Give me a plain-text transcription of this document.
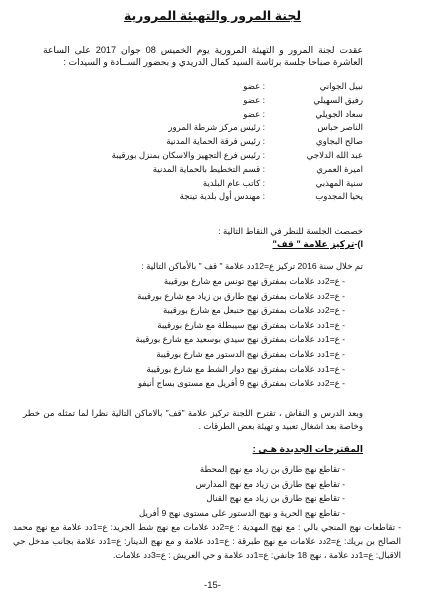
لجنة المرور والتهيئة المرورية
عقدت لجنة المرور و التهيئة المرورية يوم الخميس 08 جوان 2017 على الساعة العاشرة صباحا جلسة برئاسة السيد كمال الدريدي و بحضور الســادة و السيدات :
نبيل الجواني
: عضو
رفيق السهيلي
: عضو
سعاد الجويلي
: عضو
الناصر حباس
: رئيس مركز شرطة المرور
صالح البجاوي
: رئيس فرقة الحماية المدنية
عبد الله الدلاجي
: رئيس فرع التجهيز والاسكان بمنزل بورقيبة
اميرة العمري
: قسم التخطيط بالحماية المدنية
سنية المهذبي
: كاتب عام البلدية
يحيا المجدوب
: مهندس أول بلدية تينجة
خصصت الجلسة للنظر في النقاط التالية :
I)-تركيز علامة " قف"
تم خلال سنة 2016 تركيز ع=12دد علامة " قف " بالأماكن التالية :
- ع=2دد علامات بمفترق نهج تونس مع شارع بورقيبة
- ع=2دد علامات بمفترق نهج طارق بن زياد مع شارع بورقيبة
- ع=2دد علامات بمفترق نهج حنبعل مع شارع بورقيبة
- ع=1دد علامات بمفترق نهج سيبطلة مع شارع بورقيبة
- ع=1دد علامات بمفترق نهج سيدي بوسعيد مع شارع بورقيبة
- ع=1دد علامات بمفترق نهج الدستور مع شارع بورقيبة
- ع=1دد علامات بمفترق نهج دوار الشط مع شارع بورقيبة
- ع=2دد علامات بمفترق نهج 9 أفريل مع مستوى بساج أنيفو
وبعد الدرس و النقاش ، تقترح اللجنة تركيز علامة "قف" بالاماكن التالية نظرا لما تمثله من خطر وخاصة بعد اشغال تعبيد و تهيئة بعض الطرقات .
المقترحات الجديدة هـي :
- تقاطع نهج طارق بن زياد مع نهج المحطة
- تقاطع نهج طارق بن زياد مع نهج المدارس
- تقاطع نهج طارق بن زياد مع نهج القنال
- تقاطع نهج الحرية و نهج الدستور على مستوى نهج 9 أفريل
- تقاطعات نهج المنجي بالي : مع نهج المهدية : ع=2دد علامات مع نهج شط الجريد: ع=1دد علامة مع نهج محمد الصالح بن بريك: ع=2دد علامات مع نهج طبرقة : ع=1دد علامة و مع نهج الدينار: ع=1دد علامة بجانب مدخل حي الاقبال: ع=1دد علامة ، نهج 18 جانفي: ع=1دد علامة و حي العريش : ع=3دد علامات.
-15-
